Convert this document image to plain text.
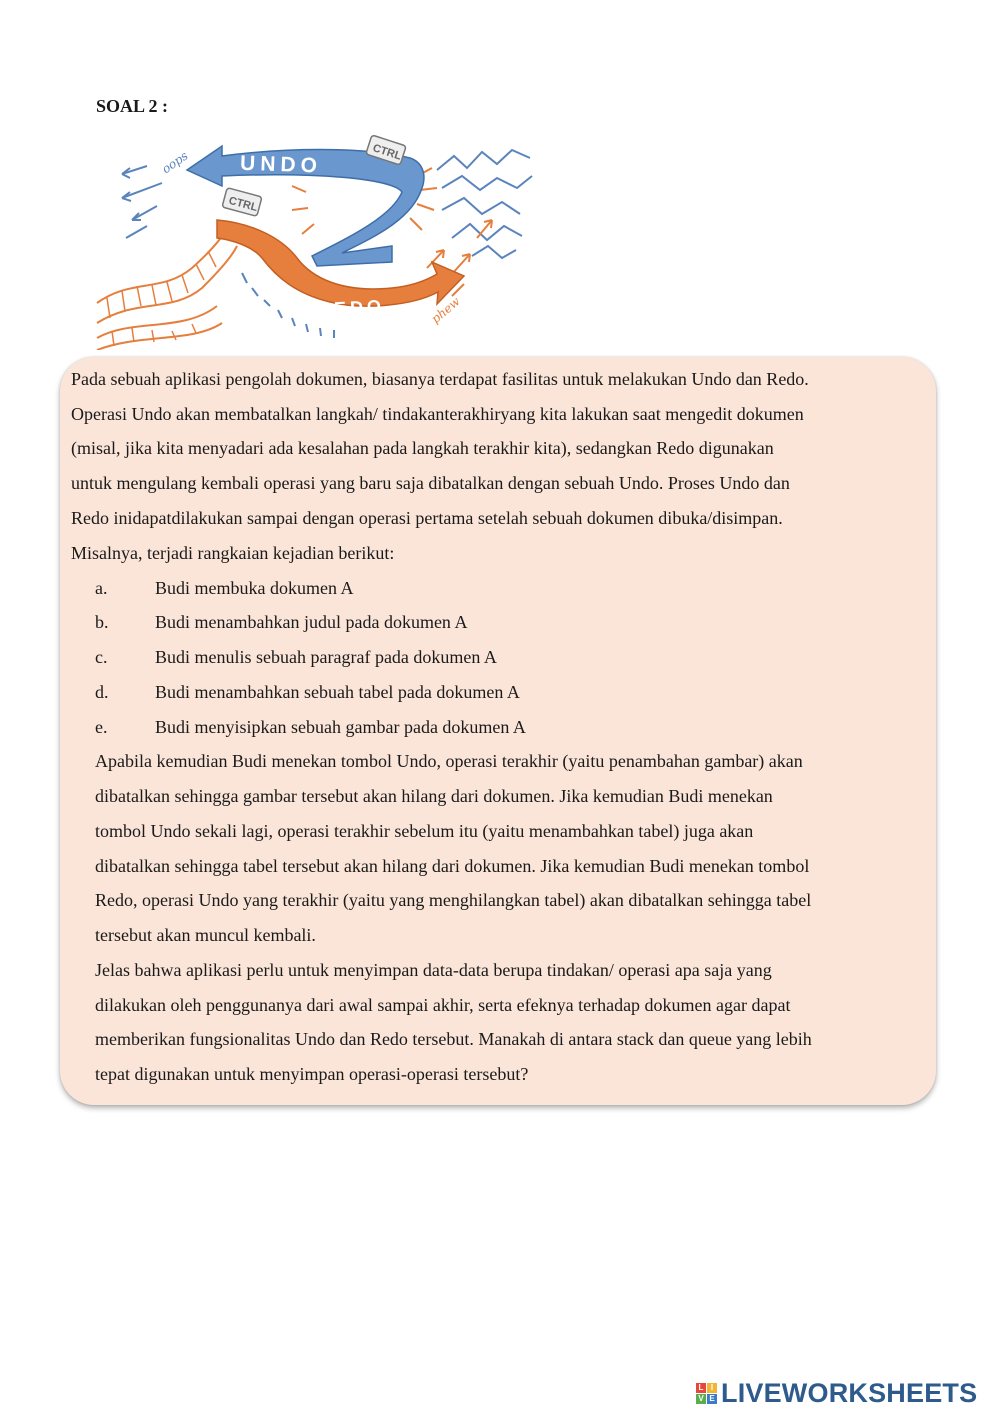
SOAL 2 :
UNDO
REDO
CTRL
CTRL
oops
phew
Pada sebuah aplikasi pengolah dokumen, biasanya terdapat fasilitas untuk melakukan Undo dan Redo.
Operasi Undo akan membatalkan langkah/ tindakanterakhiryang kita lakukan saat mengedit dokumen
(misal, jika kita menyadari ada kesalahan pada langkah terakhir kita), sedangkan Redo digunakan
untuk mengulang kembali operasi yang baru saja dibatalkan dengan sebuah Undo. Proses Undo dan
Redo inidapatdilakukan sampai dengan operasi pertama setelah sebuah dokumen dibuka/disimpan.
Misalnya, terjadi rangkaian kejadian berikut:
a.	Budi membuka dokumen A
b.	Budi menambahkan judul pada dokumen A
c.	Budi menulis sebuah paragraf pada dokumen A
d.	Budi menambahkan sebuah tabel pada dokumen A
e.	Budi menyisipkan sebuah gambar pada dokumen A
Apabila kemudian Budi menekan tombol Undo, operasi terakhir (yaitu penambahan gambar) akan
dibatalkan sehingga gambar tersebut akan hilang dari dokumen. Jika kemudian Budi menekan
tombol Undo sekali lagi, operasi terakhir sebelum itu (yaitu menambahkan tabel) juga akan
dibatalkan sehingga tabel tersebut akan hilang dari dokumen. Jika kemudian Budi menekan tombol
Redo, operasi Undo yang terakhir (yaitu yang menghilangkan tabel) akan dibatalkan sehingga tabel
tersebut akan muncul kembali.
Jelas bahwa aplikasi perlu untuk menyimpan data-data berupa tindakan/ operasi apa saja yang
dilakukan oleh penggunanya dari awal sampai akhir, serta efeknya terhadap dokumen agar dapat
memberikan fungsionalitas Undo dan Redo tersebut. Manakah di antara stack dan queue yang lebih
tepat digunakan untuk menyimpan operasi-operasi tersebut?
L I
V E LIVEWORKSHEETS
